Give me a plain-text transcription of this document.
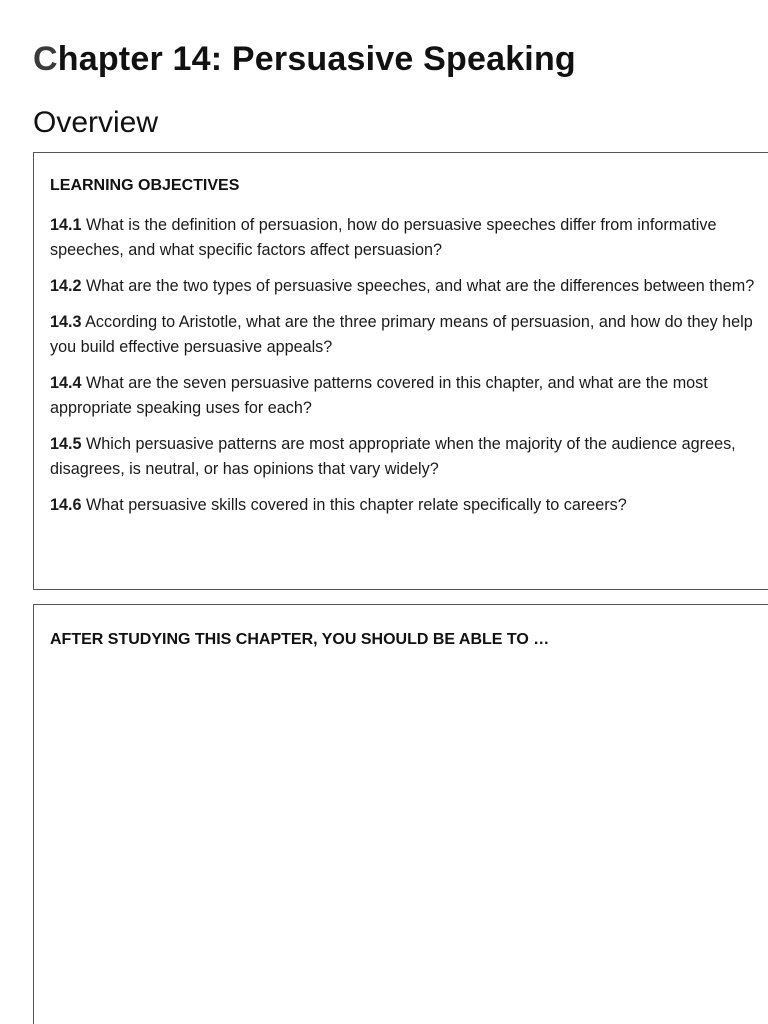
Chapter 14: Persuasive Speaking
Overview
LEARNING OBJECTIVES
14.1 What is the definition of persuasion, how do persuasive speeches differ from informative speeches, and what specific factors affect persuasion?
14.2 What are the two types of persuasive speeches, and what are the differences between them?
14.3 According to Aristotle, what are the three primary means of persuasion, and how do they help you build effective persuasive appeals?
14.4 What are the seven persuasive patterns covered in this chapter, and what are the most appropriate speaking uses for each?
14.5 Which persuasive patterns are most appropriate when the majority of the audience agrees, disagrees, is neutral, or has opinions that vary widely?
14.6 What persuasive skills covered in this chapter relate specifically to careers?
AFTER STUDYING THIS CHAPTER, YOU SHOULD BE ABLE TO …
